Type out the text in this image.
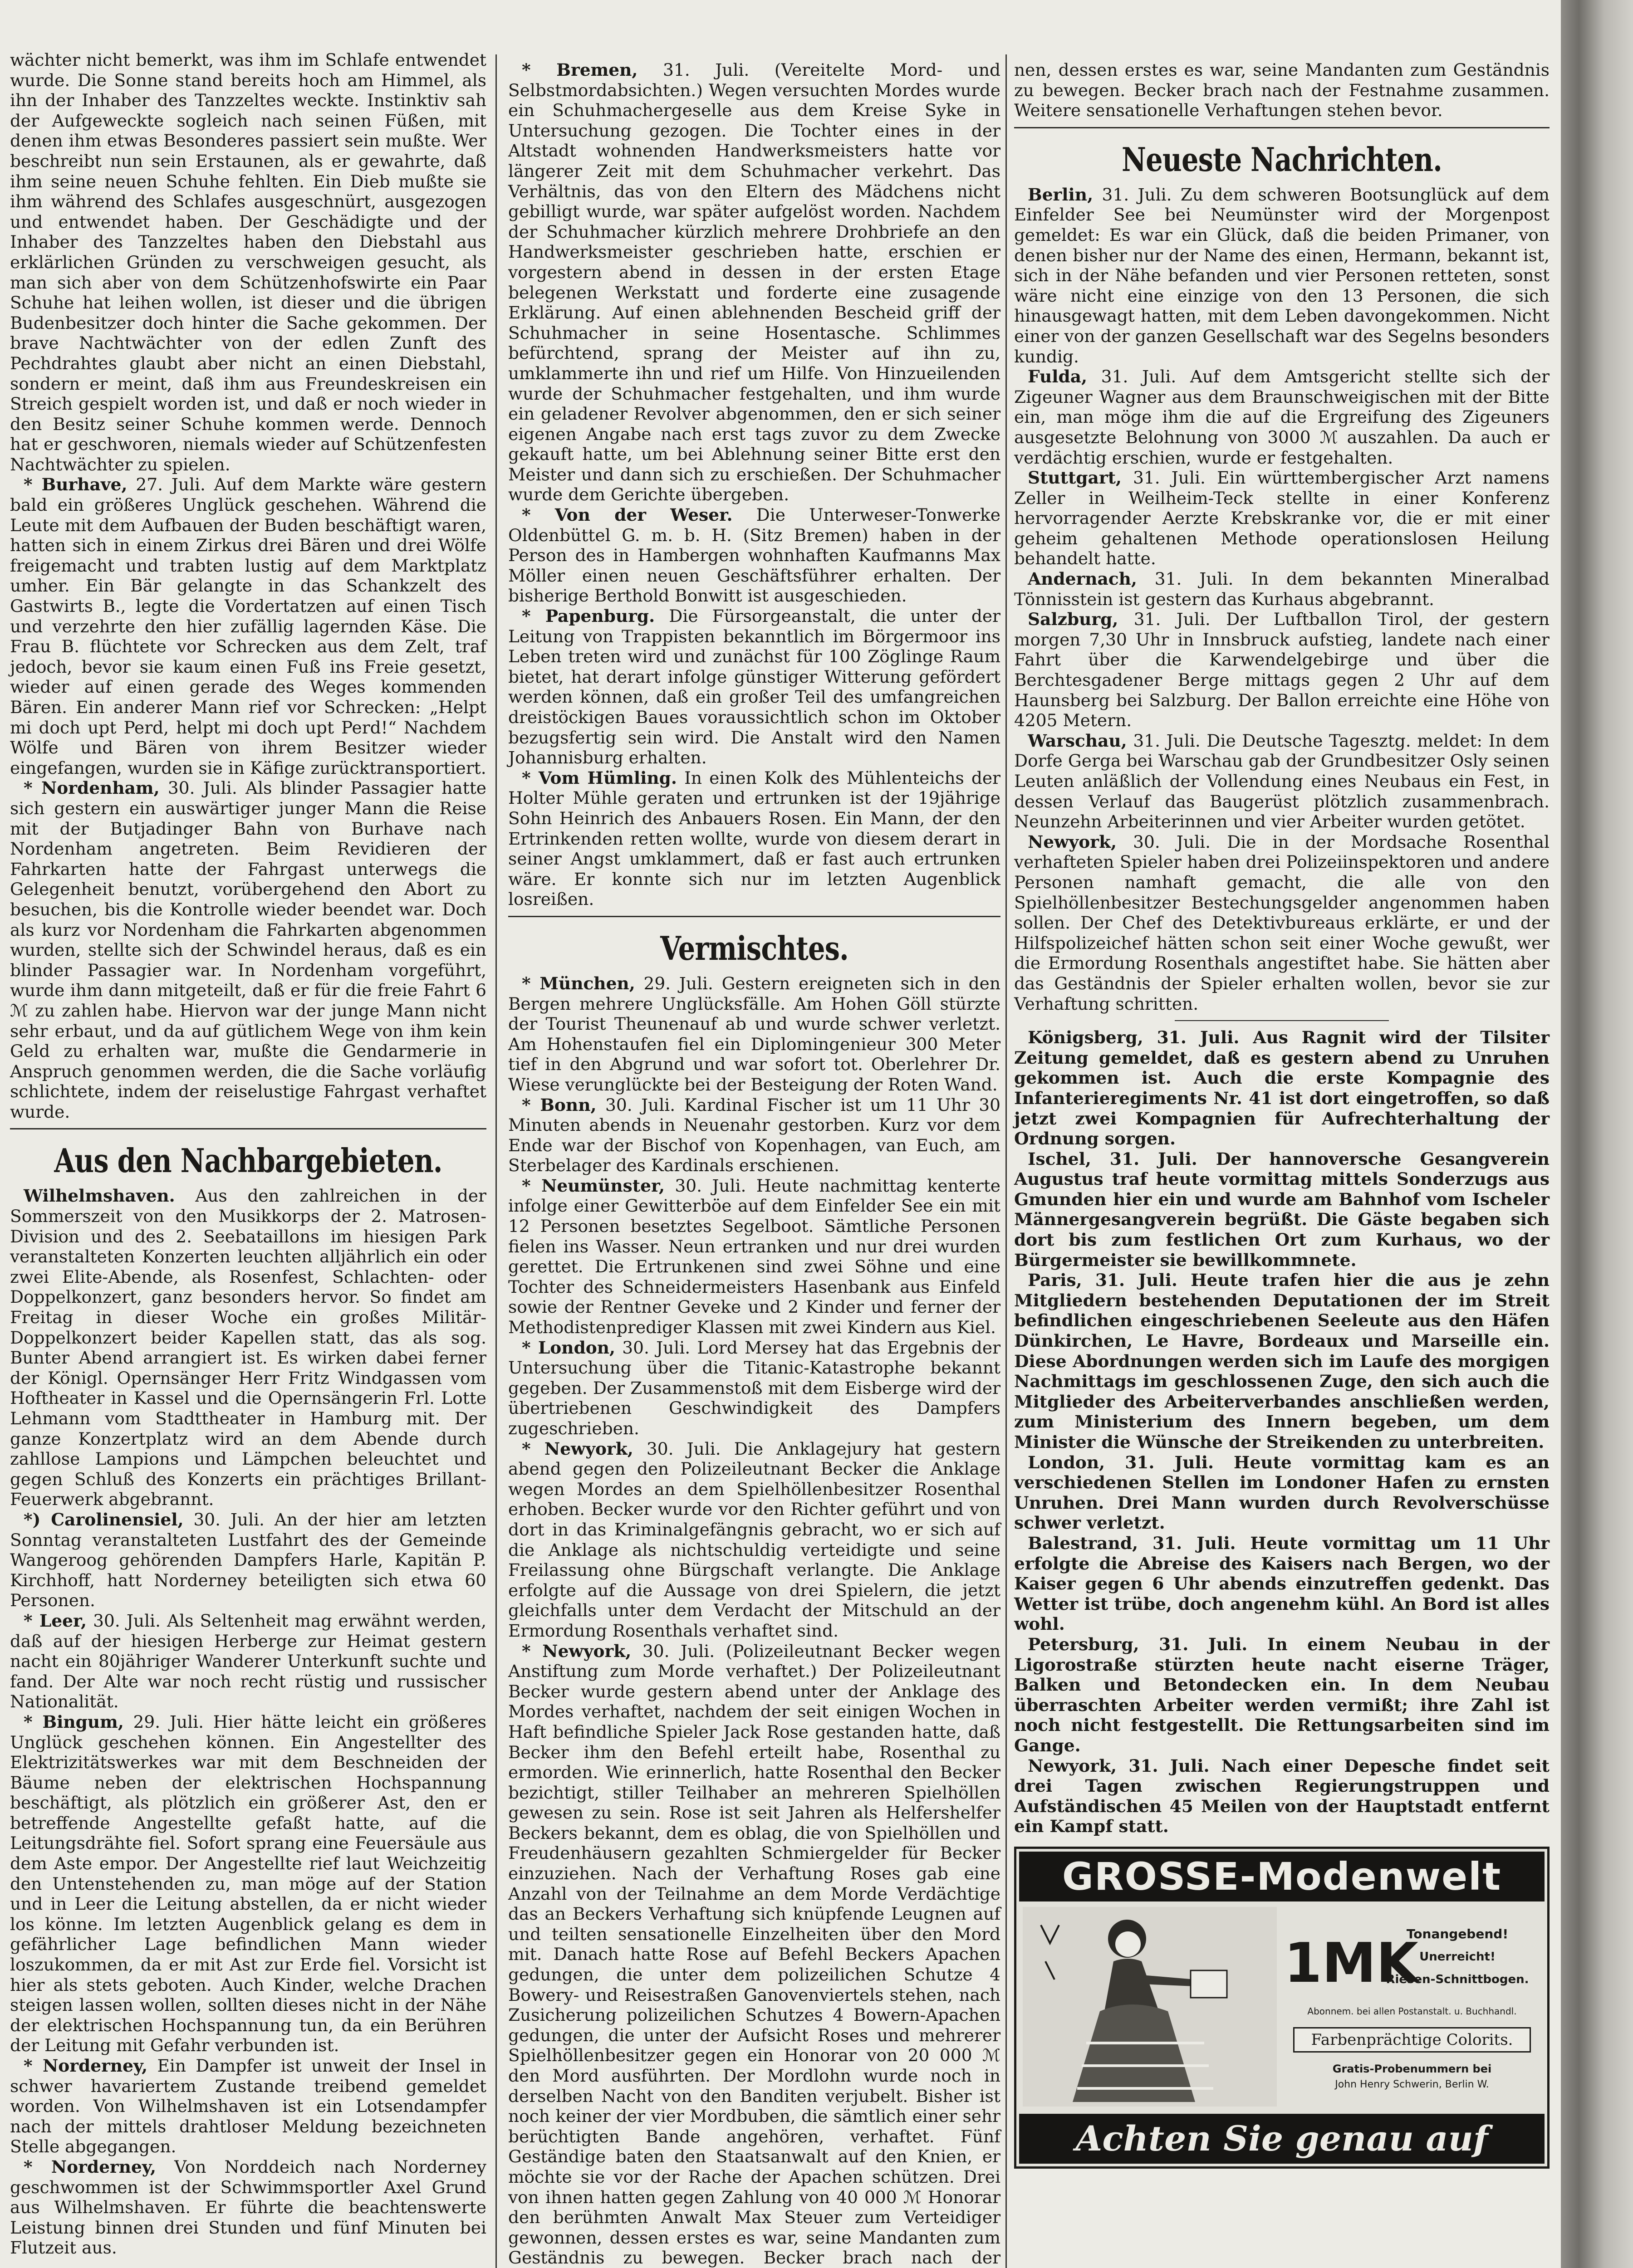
wächter nicht bemerkt, was ihm im Schlafe entwendet wurde. Die Sonne stand bereits hoch am Himmel, als ihn der Inhaber des Tanzzeltes weckte. Instinktiv sah der Aufgeweckte sogleich nach seinen Füßen, mit denen ihm etwas Besonderes passiert sein mußte. Wer beschreibt nun sein Erstaunen, als er gewahrte, daß ihm seine neuen Schuhe fehlten. Ein Dieb mußte sie ihm während des Schlafes ausgeschnürt, ausgezogen und entwendet haben. Der Geschädigte und der Inhaber des Tanzzeltes haben den Diebstahl aus erklärlichen Gründen zu verschweigen gesucht, als man sich aber von dem Schützenhofswirte ein Paar Schuhe hat leihen wollen, ist dieser und die übrigen Budenbesitzer doch hinter die Sache gekommen. Der brave Nachtwächter von der edlen Zunft des Pechdrahtes glaubt aber nicht an einen Diebstahl, sondern er meint, daß ihm aus Freundeskreisen ein Streich gespielt worden ist, und daß er noch wieder in den Besitz seiner Schuhe kommen werde. Dennoch hat er geschworen, niemals wieder auf Schützenfesten Nachtwächter zu spielen.

* Burhave, 27. Juli. Auf dem Markte wäre gestern bald ein größeres Unglück geschehen. Während die Leute mit dem Aufbauen der Buden beschäftigt waren, hatten sich in einem Zirkus drei Bären und drei Wölfe freigemacht und trabten lustig auf dem Marktplatz umher. Ein Bär gelangte in das Schankzelt des Gastwirts B., legte die Vordertatzen auf einen Tisch und verzehrte den hier zufällig lagernden Käse. Die Frau B. flüchtete vor Schrecken aus dem Zelt, traf jedoch, bevor sie kaum einen Fuß ins Freie gesetzt, wieder auf einen gerade des Weges kommenden Bären. Ein anderer Mann rief vor Schrecken: „Helpt mi doch upt Perd, helpt mi doch upt Perd!“ Nachdem Wölfe und Bären von ihrem Besitzer wieder eingefangen, wurden sie in Käfige zurücktransportiert.

* Nordenham, 30. Juli. Als blinder Passagier hatte sich gestern ein auswärtiger junger Mann die Reise mit der Butjadinger Bahn von Burhave nach Nordenham angetreten. Beim Revidieren der Fahrkarten hatte der Fahrgast unterwegs die Gelegenheit benutzt, vorübergehend den Abort zu besuchen, bis die Kontrolle wieder beendet war. Doch als kurz vor Nordenham die Fahrkarten abgenommen wurden, stellte sich der Schwindel heraus, daß es ein blinder Passagier war. In Nordenham vorgeführt, wurde ihm dann mitgeteilt, daß er für die freie Fahrt 6 ℳ zu zahlen habe. Hiervon war der junge Mann nicht sehr erbaut, und da auf gütlichem Wege von ihm kein Geld zu erhalten war, mußte die Gendarmerie in Anspruch genommen werden, die die Sache vorläufig schlichtete, indem der reiselustige Fahrgast verhaftet wurde.

Aus den Nachbargebieten.

Wilhelmshaven. Aus den zahlreichen in der Sommerszeit von den Musikkorps der 2. Matrosen-Division und des 2. Seebataillons im hiesigen Park veranstalteten Konzerten leuchten alljährlich ein oder zwei Elite-Abende, als Rosenfest, Schlachten- oder Doppelkonzert, ganz besonders hervor. So findet am Freitag in dieser Woche ein großes Militär-Doppelkonzert beider Kapellen statt, das als sog. Bunter Abend arrangiert ist. Es wirken dabei ferner der Königl. Opernsänger Herr Fritz Windgassen vom Hoftheater in Kassel und die Opernsängerin Frl. Lotte Lehmann vom Stadttheater in Hamburg mit. Der ganze Konzertplatz wird an dem Abende durch zahllose Lampions und Lämpchen beleuchtet und gegen Schluß des Konzerts ein prächtiges Brillant-Feuerwerk abgebrannt.

*) Carolinensiel, 30. Juli. An der hier am letzten Sonntag veranstalteten Lustfahrt des der Gemeinde Wangeroog gehörenden Dampfers Harle, Kapitän P. Kirchhoff, hatt Norderney beteiligten sich etwa 60 Personen.

* Leer, 30. Juli. Als Seltenheit mag erwähnt werden, daß auf der hiesigen Herberge zur Heimat gestern nacht ein 80jähriger Wanderer Unterkunft suchte und fand. Der Alte war noch recht rüstig und russischer Nationalität.

* Bingum, 29. Juli. Hier hätte leicht ein größeres Unglück geschehen können. Ein Angestellter des Elektrizitätswerkes war mit dem Beschneiden der Bäume neben der elektrischen Hochspannung beschäftigt, als plötzlich ein größerer Ast, den er betreffende Angestellte gefaßt hatte, auf die Leitungsdrähte fiel. Sofort sprang eine Feuersäule aus dem Aste empor. Der Angestellte rief laut Weichzeitig den Untenstehenden zu, man möge auf der Station und in Leer die Leitung abstellen, da er nicht wieder los könne. Im letzten Augenblick gelang es dem in gefährlicher Lage befindlichen Mann wieder loszukommen, da er mit Ast zur Erde fiel. Vorsicht ist hier als stets geboten. Auch Kinder, welche Drachen steigen lassen wollen, sollten dieses nicht in der Nähe der elektrischen Hochspannung tun, da ein Berühren der Leitung mit Gefahr verbunden ist.

* Norderney, Ein Dampfer ist unweit der Insel in schwer havariertem Zustande treibend gemeldet worden. Von Wilhelmshaven ist ein Lotsendampfer nach der mittels drahtloser Meldung bezeichneten Stelle abgegangen.

* Norderney, Von Norddeich nach Norderney geschwommen ist der Schwimmsportler Axel Grund aus Wilhelmshaven. Er führte die beachtenswerte Leistung binnen drei Stunden und fünf Minuten bei Flutzeit aus.

* Bremen, 31. Juli. (Vereitelte Mord- und Selbstmordabsichten.) Wegen versuchten Mordes wurde ein Schuhmachergeselle aus dem Kreise Syke in Untersuchung gezogen. Die Tochter eines in der Altstadt wohnenden Handwerksmeisters hatte vor längerer Zeit mit dem Schuhmacher verkehrt. Das Verhältnis, das von den Eltern des Mädchens nicht gebilligt wurde, war später aufgelöst worden. Nachdem der Schuhmacher kürzlich mehrere Drohbriefe an den Handwerksmeister geschrieben hatte, erschien er vorgestern abend in dessen in der ersten Etage belegenen Werkstatt und forderte eine zusagende Erklärung. Auf einen ablehnenden Bescheid griff der Schuhmacher in seine Hosentasche. Schlimmes befürchtend, sprang der Meister auf ihn zu, umklammerte ihn und rief um Hilfe. Von Hinzueilenden wurde der Schuhmacher festgehalten, und ihm wurde ein geladener Revolver abgenommen, den er sich seiner eigenen Angabe nach erst tags zuvor zu dem Zwecke gekauft hatte, um bei Ablehnung seiner Bitte erst den Meister und dann sich zu erschießen. Der Schuhmacher wurde dem Gerichte übergeben.

* Von der Weser. Die Unterweser-Tonwerke Oldenbüttel G. m. b. H. (Sitz Bremen) haben in der Person des in Hambergen wohnhaften Kaufmanns Max Möller einen neuen Geschäftsführer erhalten. Der bisherige Berthold Bonwitt ist ausgeschieden.

* Papenburg. Die Fürsorgeanstalt, die unter der Leitung von Trappisten bekanntlich im Börgermoor ins Leben treten wird und zunächst für 100 Zöglinge Raum bietet, hat derart infolge günstiger Witterung gefördert werden können, daß ein großer Teil des umfangreichen dreistöckigen Baues voraussichtlich schon im Oktober bezugsfertig sein wird. Die Anstalt wird den Namen Johannisburg erhalten.

* Vom Hümling. In einen Kolk des Mühlenteichs der Holter Mühle geraten und ertrunken ist der 19jährige Sohn Heinrich des Anbauers Rosen. Ein Mann, der den Ertrinkenden retten wollte, wurde von diesem derart in seiner Angst umklammert, daß er fast auch ertrunken wäre. Er konnte sich nur im letzten Augenblick losreißen.

Vermischtes.

* München, 29. Juli. Gestern ereigneten sich in den Bergen mehrere Unglücksfälle. Am Hohen Göll stürzte der Tourist Theunenauf ab und wurde schwer verletzt. Am Hohenstaufen fiel ein Diplomingenieur 300 Meter tief in den Abgrund und war sofort tot. Oberlehrer Dr. Wiese verunglückte bei der Besteigung der Roten Wand.

* Bonn, 30. Juli. Kardinal Fischer ist um 11 Uhr 30 Minuten abends in Neuenahr gestorben. Kurz vor dem Ende war der Bischof von Kopenhagen, van Euch, am Sterbelager des Kardinals erschienen.

* Neumünster, 30. Juli. Heute nachmittag kenterte infolge einer Gewitterböe auf dem Einfelder See ein mit 12 Personen besetztes Segelboot. Sämtliche Personen fielen ins Wasser. Neun ertranken und nur drei wurden gerettet. Die Ertrunkenen sind zwei Söhne und eine Tochter des Schneidermeisters Hasenbank aus Einfeld sowie der Rentner Geveke und 2 Kinder und ferner der Methodistenprediger Klassen mit zwei Kindern aus Kiel.

* London, 30. Juli. Lord Mersey hat das Ergebnis der Untersuchung über die Titanic-Katastrophe bekannt gegeben. Der Zusammenstoß mit dem Eisberge wird der übertriebenen Geschwindigkeit des Dampfers zugeschrieben.

* Newyork, 30. Juli. Die Anklagejury hat gestern abend gegen den Polizeileutnant Becker die Anklage wegen Mordes an dem Spielhöllenbesitzer Rosenthal erhoben. Becker wurde vor den Richter geführt und von dort in das Kriminalgefängnis gebracht, wo er sich auf die Anklage als nichtschuldig verteidigte und seine Freilassung ohne Bürgschaft verlangte. Die Anklage erfolgte auf die Aussage von drei Spielern, die jetzt gleichfalls unter dem Verdacht der Mitschuld an der Ermordung Rosenthals verhaftet sind.

* Newyork, 30. Juli. (Polizeileutnant Becker wegen Anstiftung zum Morde verhaftet.) Der Polizeileutnant Becker wurde gestern abend unter der Anklage des Mordes verhaftet, nachdem der seit einigen Wochen in Haft befindliche Spieler Jack Rose gestanden hatte, daß Becker ihm den Befehl erteilt habe, Rosenthal zu ermorden. Wie erinnerlich, hatte Rosenthal den Becker bezichtigt, stiller Teilhaber an mehreren Spielhöllen gewesen zu sein. Rose ist seit Jahren als Helfershelfer Beckers bekannt, dem es oblag, die von Spielhöllen und Freudenhäusern gezahlten Schmiergelder für Becker einzuziehen. Nach der Verhaftung Roses gab eine Anzahl von der Teilnahme an dem Morde Verdächtige das an Beckers Verhaftung sich knüpfende Leugnen auf und teilten sensationelle Einzelheiten über den Mord mit. Danach hatte Rose auf Befehl Beckers Apachen gedungen, die unter dem polizeilichen Schutze 4 Bowery- und Reisestraßen Ganovenviertels stehen, nach Zusicherung polizeilichen Schutzes 4 Bowern-Apachen gedungen, die unter der Aufsicht Roses und mehrerer Spielhöllenbesitzer gegen ein Honorar von 20 000 ℳ den Mord ausführten. Der Mordlohn wurde noch in derselben Nacht von den Banditen verjubelt. Bisher ist noch keiner der vier Mordbuben, die sämtlich einer sehr berüchtigten Bande angehören, verhaftet. Fünf Geständige baten den Staatsanwalt auf den Knien, er möchte sie vor der Rache der Apachen schützen. Drei von ihnen hatten gegen Zahlung von 40 000 ℳ Honorar den berühmten Anwalt Max Steuer zum Verteidiger gewonnen, dessen erstes es war, seine Mandanten zum Geständnis zu bewegen. Becker brach nach der

nen, dessen erstes es war, seine Mandanten zum Geständnis zu bewegen. Becker brach nach der Festnahme zusammen. Weitere sensationelle Verhaftungen stehen bevor.

Neueste Nachrichten.

Berlin, 31. Juli. Zu dem schweren Bootsunglück auf dem Einfelder See bei Neumünster wird der Morgenpost gemeldet: Es war ein Glück, daß die beiden Primaner, von denen bisher nur der Name des einen, Hermann, bekannt ist, sich in der Nähe befanden und vier Personen retteten, sonst wäre nicht eine einzige von den 13 Personen, die sich hinausgewagt hatten, mit dem Leben davongekommen. Nicht einer von der ganzen Gesellschaft war des Segelns besonders kundig.

Fulda, 31. Juli. Auf dem Amtsgericht stellte sich der Zigeuner Wagner aus dem Braunschweigischen mit der Bitte ein, man möge ihm die auf die Ergreifung des Zigeuners ausgesetzte Belohnung von 3000 ℳ auszahlen. Da auch er verdächtig erschien, wurde er festgehalten.

Stuttgart, 31. Juli. Ein württembergischer Arzt namens Zeller in Weilheim-Teck stellte in einer Konferenz hervorragender Aerzte Krebskranke vor, die er mit einer geheim gehaltenen Methode operationslosen Heilung behandelt hatte.

Andernach, 31. Juli. In dem bekannten Mineralbad Tönnisstein ist gestern das Kurhaus abgebrannt.

Salzburg, 31. Juli. Der Luftballon Tirol, der gestern morgen 7,30 Uhr in Innsbruck aufstieg, landete nach einer Fahrt über die Karwendelgebirge und über die Berchtesgadener Berge mittags gegen 2 Uhr auf dem Haunsberg bei Salzburg. Der Ballon erreichte eine Höhe von 4205 Metern.

Warschau, 31. Juli. Die Deutsche Tagesztg. meldet: In dem Dorfe Gerga bei Warschau gab der Grundbesitzer Osly seinen Leuten anläßlich der Vollendung eines Neubaus ein Fest, in dessen Verlauf das Baugerüst plötzlich zusammenbrach. Neunzehn Arbeiterinnen und vier Arbeiter wurden getötet.

Newyork, 30. Juli. Die in der Mordsache Rosenthal verhafteten Spieler haben drei Polizeiinspektoren und andere Personen namhaft gemacht, die alle von den Spielhöllenbesitzer Bestechungsgelder angenommen haben sollen. Der Chef des Detektivbureaus erklärte, er und der Hilfspolizeichef hätten schon seit einer Woche gewußt, wer die Ermordung Rosenthals angestiftet habe. Sie hätten aber das Geständnis der Spieler erhalten wollen, bevor sie zur Verhaftung schritten.

Königsberg, 31. Juli. Aus Ragnit wird der Tilsiter Zeitung gemeldet, daß es gestern abend zu Unruhen gekommen ist. Auch die erste Kompagnie des Infanterieregiments Nr. 41 ist dort eingetroffen, so daß jetzt zwei Kompagnien für Aufrechterhaltung der Ordnung sorgen.

Ischel, 31. Juli. Der hannoversche Gesangverein Augustus traf heute vormittag mittels Sonderzugs aus Gmunden hier ein und wurde am Bahnhof vom Ischeler Männergesangverein begrüßt. Die Gäste begaben sich dort bis zum festlichen Ort zum Kurhaus, wo der Bürgermeister sie bewillkommnete.

Paris, 31. Juli. Heute trafen hier die aus je zehn Mitgliedern bestehenden Deputationen der im Streit befindlichen eingeschriebenen Seeleute aus den Häfen Dünkirchen, Le Havre, Bordeaux und Marseille ein. Diese Abordnungen werden sich im Laufe des morgigen Nachmittags im geschlossenen Zuge, den sich auch die Mitglieder des Arbeiterverbandes anschließen werden, zum Ministerium des Innern begeben, um dem Minister die Wünsche der Streikenden zu unterbreiten.

London, 31. Juli. Heute vormittag kam es an verschiedenen Stellen im Londoner Hafen zu ernsten Unruhen. Drei Mann wurden durch Revolverschüsse schwer verletzt.

Balestrand, 31. Juli. Heute vormittag um 11 Uhr erfolgte die Abreise des Kaisers nach Bergen, wo der Kaiser gegen 6 Uhr abends einzutreffen gedenkt. Das Wetter ist trübe, doch angenehm kühl. An Bord ist alles wohl.

Petersburg, 31. Juli. In einem Neubau in der Ligorostraße stürzten heute nacht eiserne Träger, Balken und Betondecken ein. In dem Neubau überraschten Arbeiter werden vermißt; ihre Zahl ist noch nicht festgestellt. Die Rettungsarbeiten sind im Gange.

Newyork, 31. Juli. Nach einer Depesche findet seit drei Tagen zwischen Regierungstruppen und Aufständischen 45 Meilen von der Hauptstadt entfernt ein Kampf statt.

GROSSE-Modenwelt
1MK
Tonangebend!
Unerreicht!
Riesen-Schnittbogen.
Abonnem. bei allen Postanstalt. u. Buchhandl.
Farbenprächtige Colorits.
Gratis-Probenummern bei
John Henry Schwerin, Berlin W.
Achten Sie genau auf Titel.
